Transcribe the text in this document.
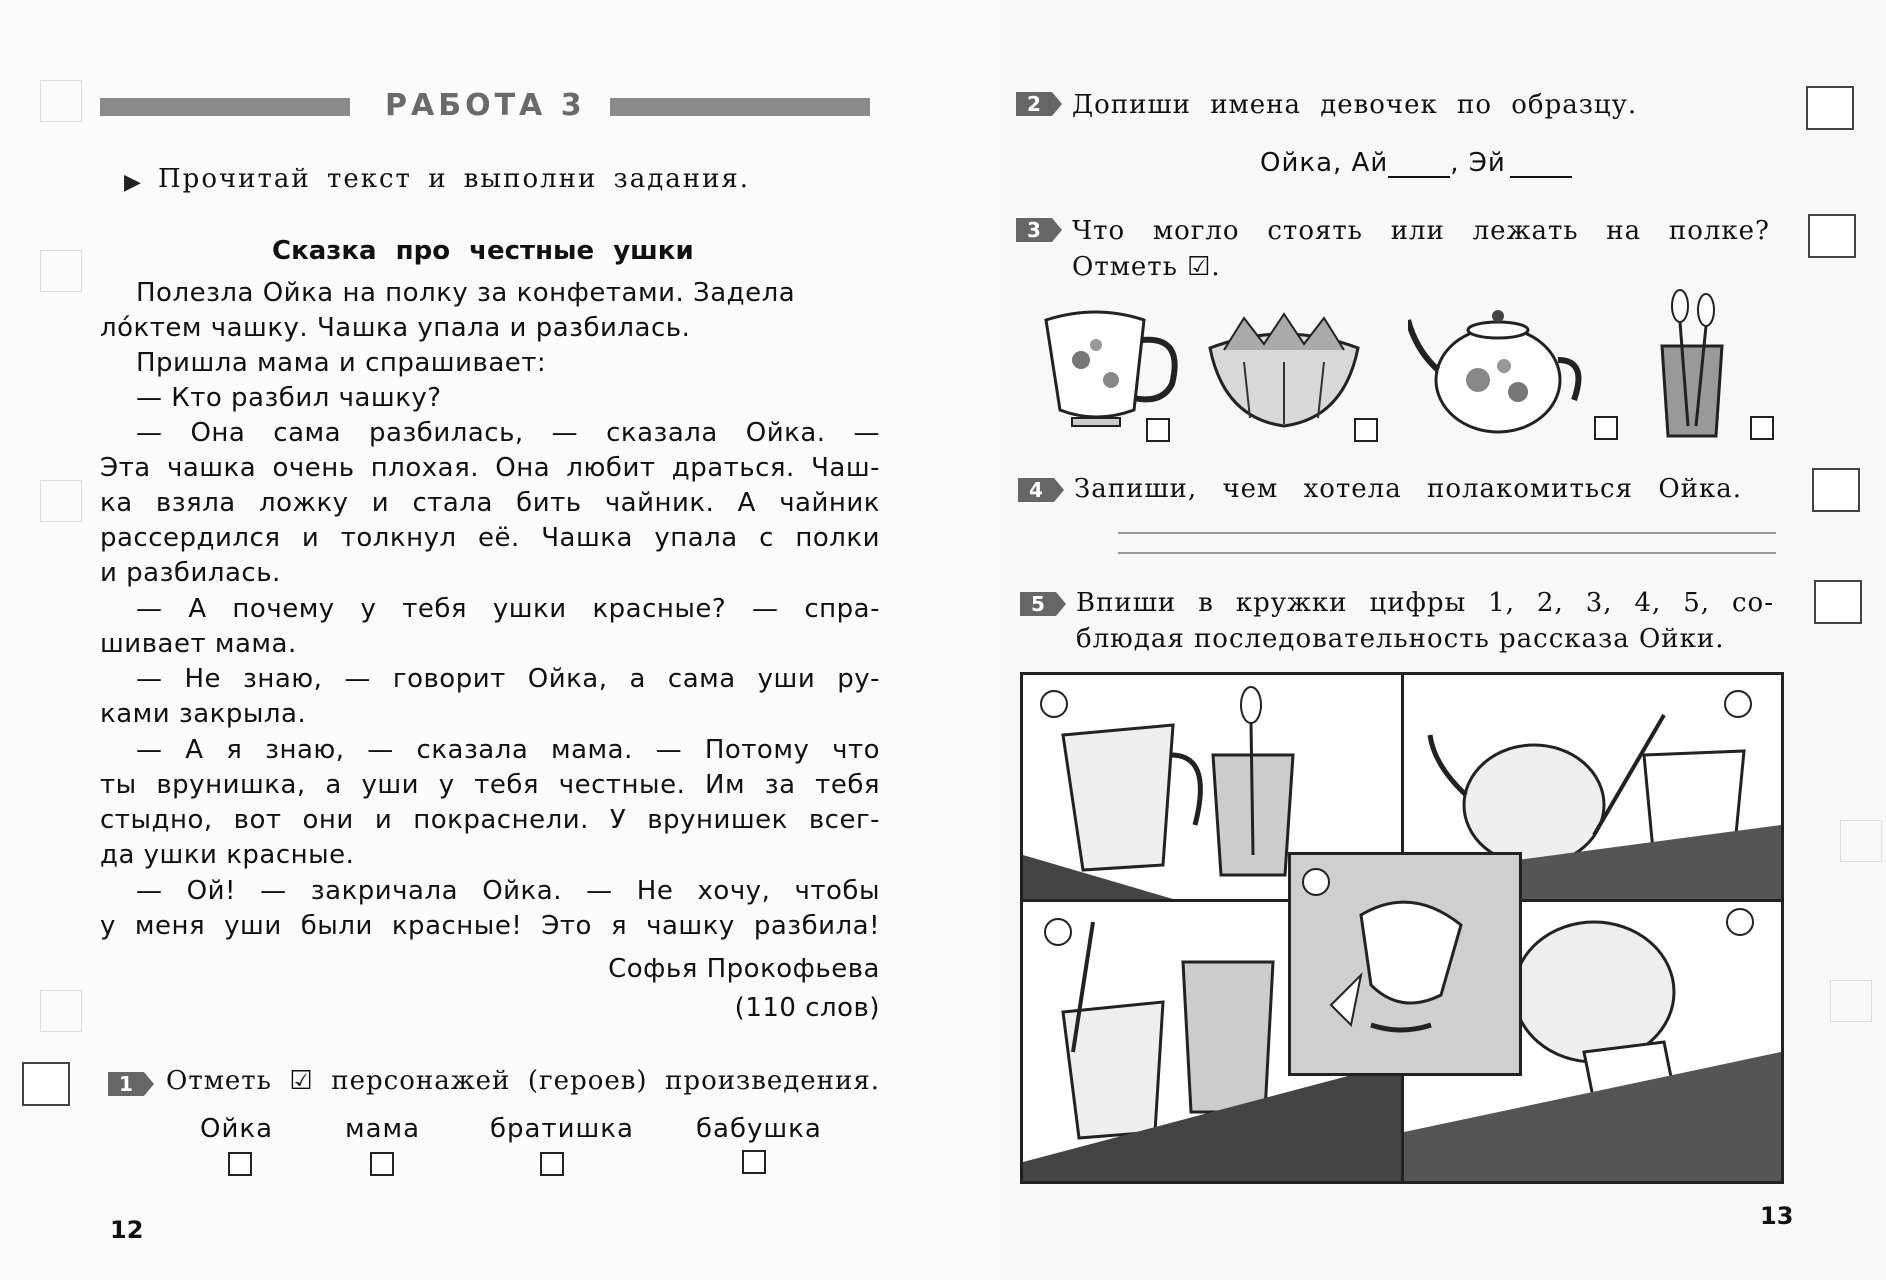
РАБОТА 3
▶ Прочитай текст и выполни задания.
Сказка про честные ушки
Полезла Ойка на полку за конфетами. Задела
лóктем чашку. Чашка упала и разбилась.
Пришла мама и спрашивает:
— Кто разбил чашку?
— Она сама разбилась, — сказала Ойка. —
Эта чашка очень плохая. Она любит драться. Чаш-
ка взяла ложку и стала бить чайник. А чайник
рассердился и толкнул её. Чашка упала с полки
и разбилась.
— А почему у тебя ушки красные? — спра-
шивает мама.
— Не знаю, — говорит Ойка, а сама уши ру-
ками закрыла.
— А я знаю, — сказала мама. — Потому что
ты врунишка, а уши у тебя честные. Им за тебя
стыдно, вот они и покраснели. У врунишек всег-
да ушки красные.
— Ой! — закричала Ойка. — Не хочу, чтобы
у меня уши были красные! Это я чашку разбила!
Софья Прокофьева
(110 слов)
1	Отметь ☑ персонажей (героев) произведения.
Ойка	мама	братишка бабушка
12
2	Допиши имена девочек по образцу.
Ойка, Ай , Эй
3	Что могло стоять или лежать на полке?
Отметь ☑.
4	Запиши, чем хотела полакомиться Ойка.
5	Впиши в кружки цифры 1, 2, 3, 4, 5, со-
блюдая последовательность рассказа Ойки.
13
